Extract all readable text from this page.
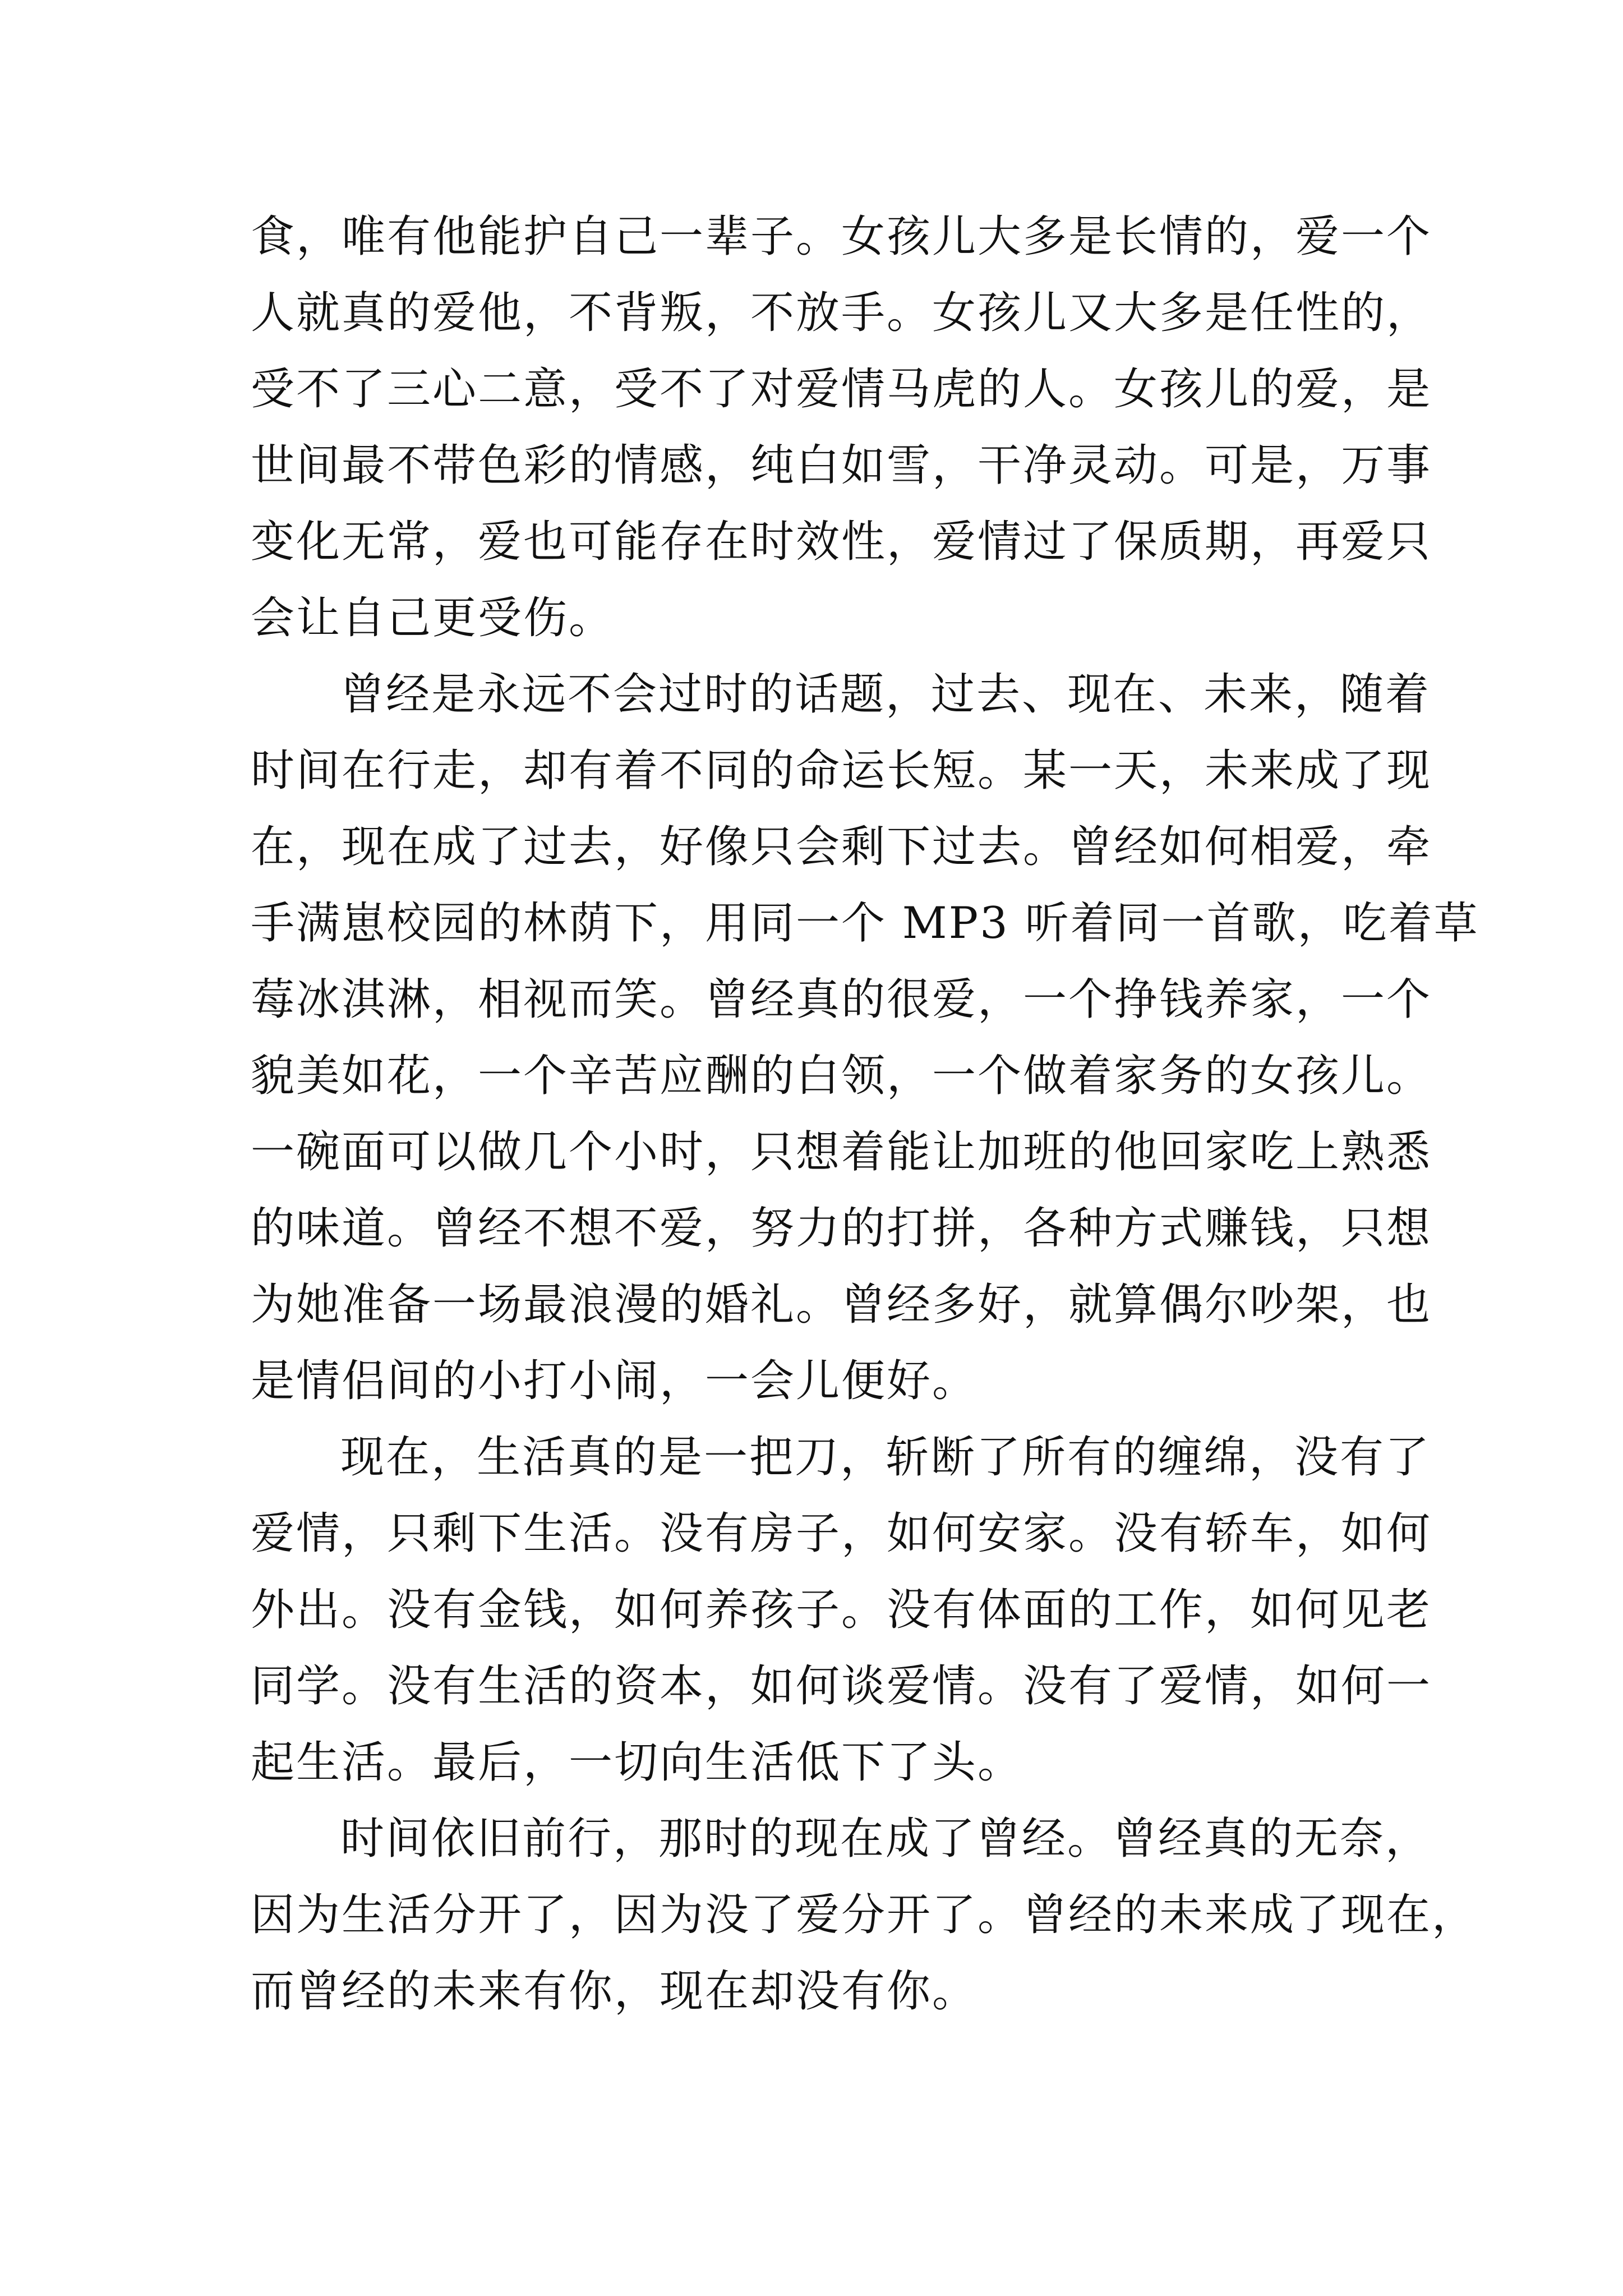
食，唯有他能护自己一辈子。女孩儿大多是长情的，爱一个
人就真的爱他，不背叛，不放手。女孩儿又大多是任性的，
受不了三心二意，受不了对爱情马虎的人。女孩儿的爱，是
世间最不带色彩的情感，纯白如雪，干净灵动。可是，万事
变化无常，爱也可能存在时效性，爱情过了保质期，再爱只
会让自己更受伤。
曾经是永远不会过时的话题，过去、现在、未来，随着
时间在行走，却有着不同的命运长短。某一天，未来成了现
在，现在成了过去，好像只会剩下过去。曾经如何相爱，牵
手满崽校园的林荫下，用同一个 MP3 听着同一首歌，吃着草
莓冰淇淋，相视而笑。曾经真的很爱，一个挣钱养家，一个
貌美如花，一个辛苦应酬的白领，一个做着家务的女孩儿。
一碗面可以做几个小时，只想着能让加班的他回家吃上熟悉
的味道。曾经不想不爱，努力的打拼，各种方式赚钱，只想
为她准备一场最浪漫的婚礼。曾经多好，就算偶尔吵架，也
是情侣间的小打小闹，一会儿便好。
现在，生活真的是一把刀，斩断了所有的缠绵，没有了
爱情，只剩下生活。没有房子，如何安家。没有轿车，如何
外出。没有金钱，如何养孩子。没有体面的工作，如何见老
同学。没有生活的资本，如何谈爱情。没有了爱情，如何一
起生活。最后，一切向生活低下了头。
时间依旧前行，那时的现在成了曾经。曾经真的无奈，
因为生活分开了，因为没了爱分开了。曾经的未来成了现在，
而曾经的未来有你，现在却没有你。
